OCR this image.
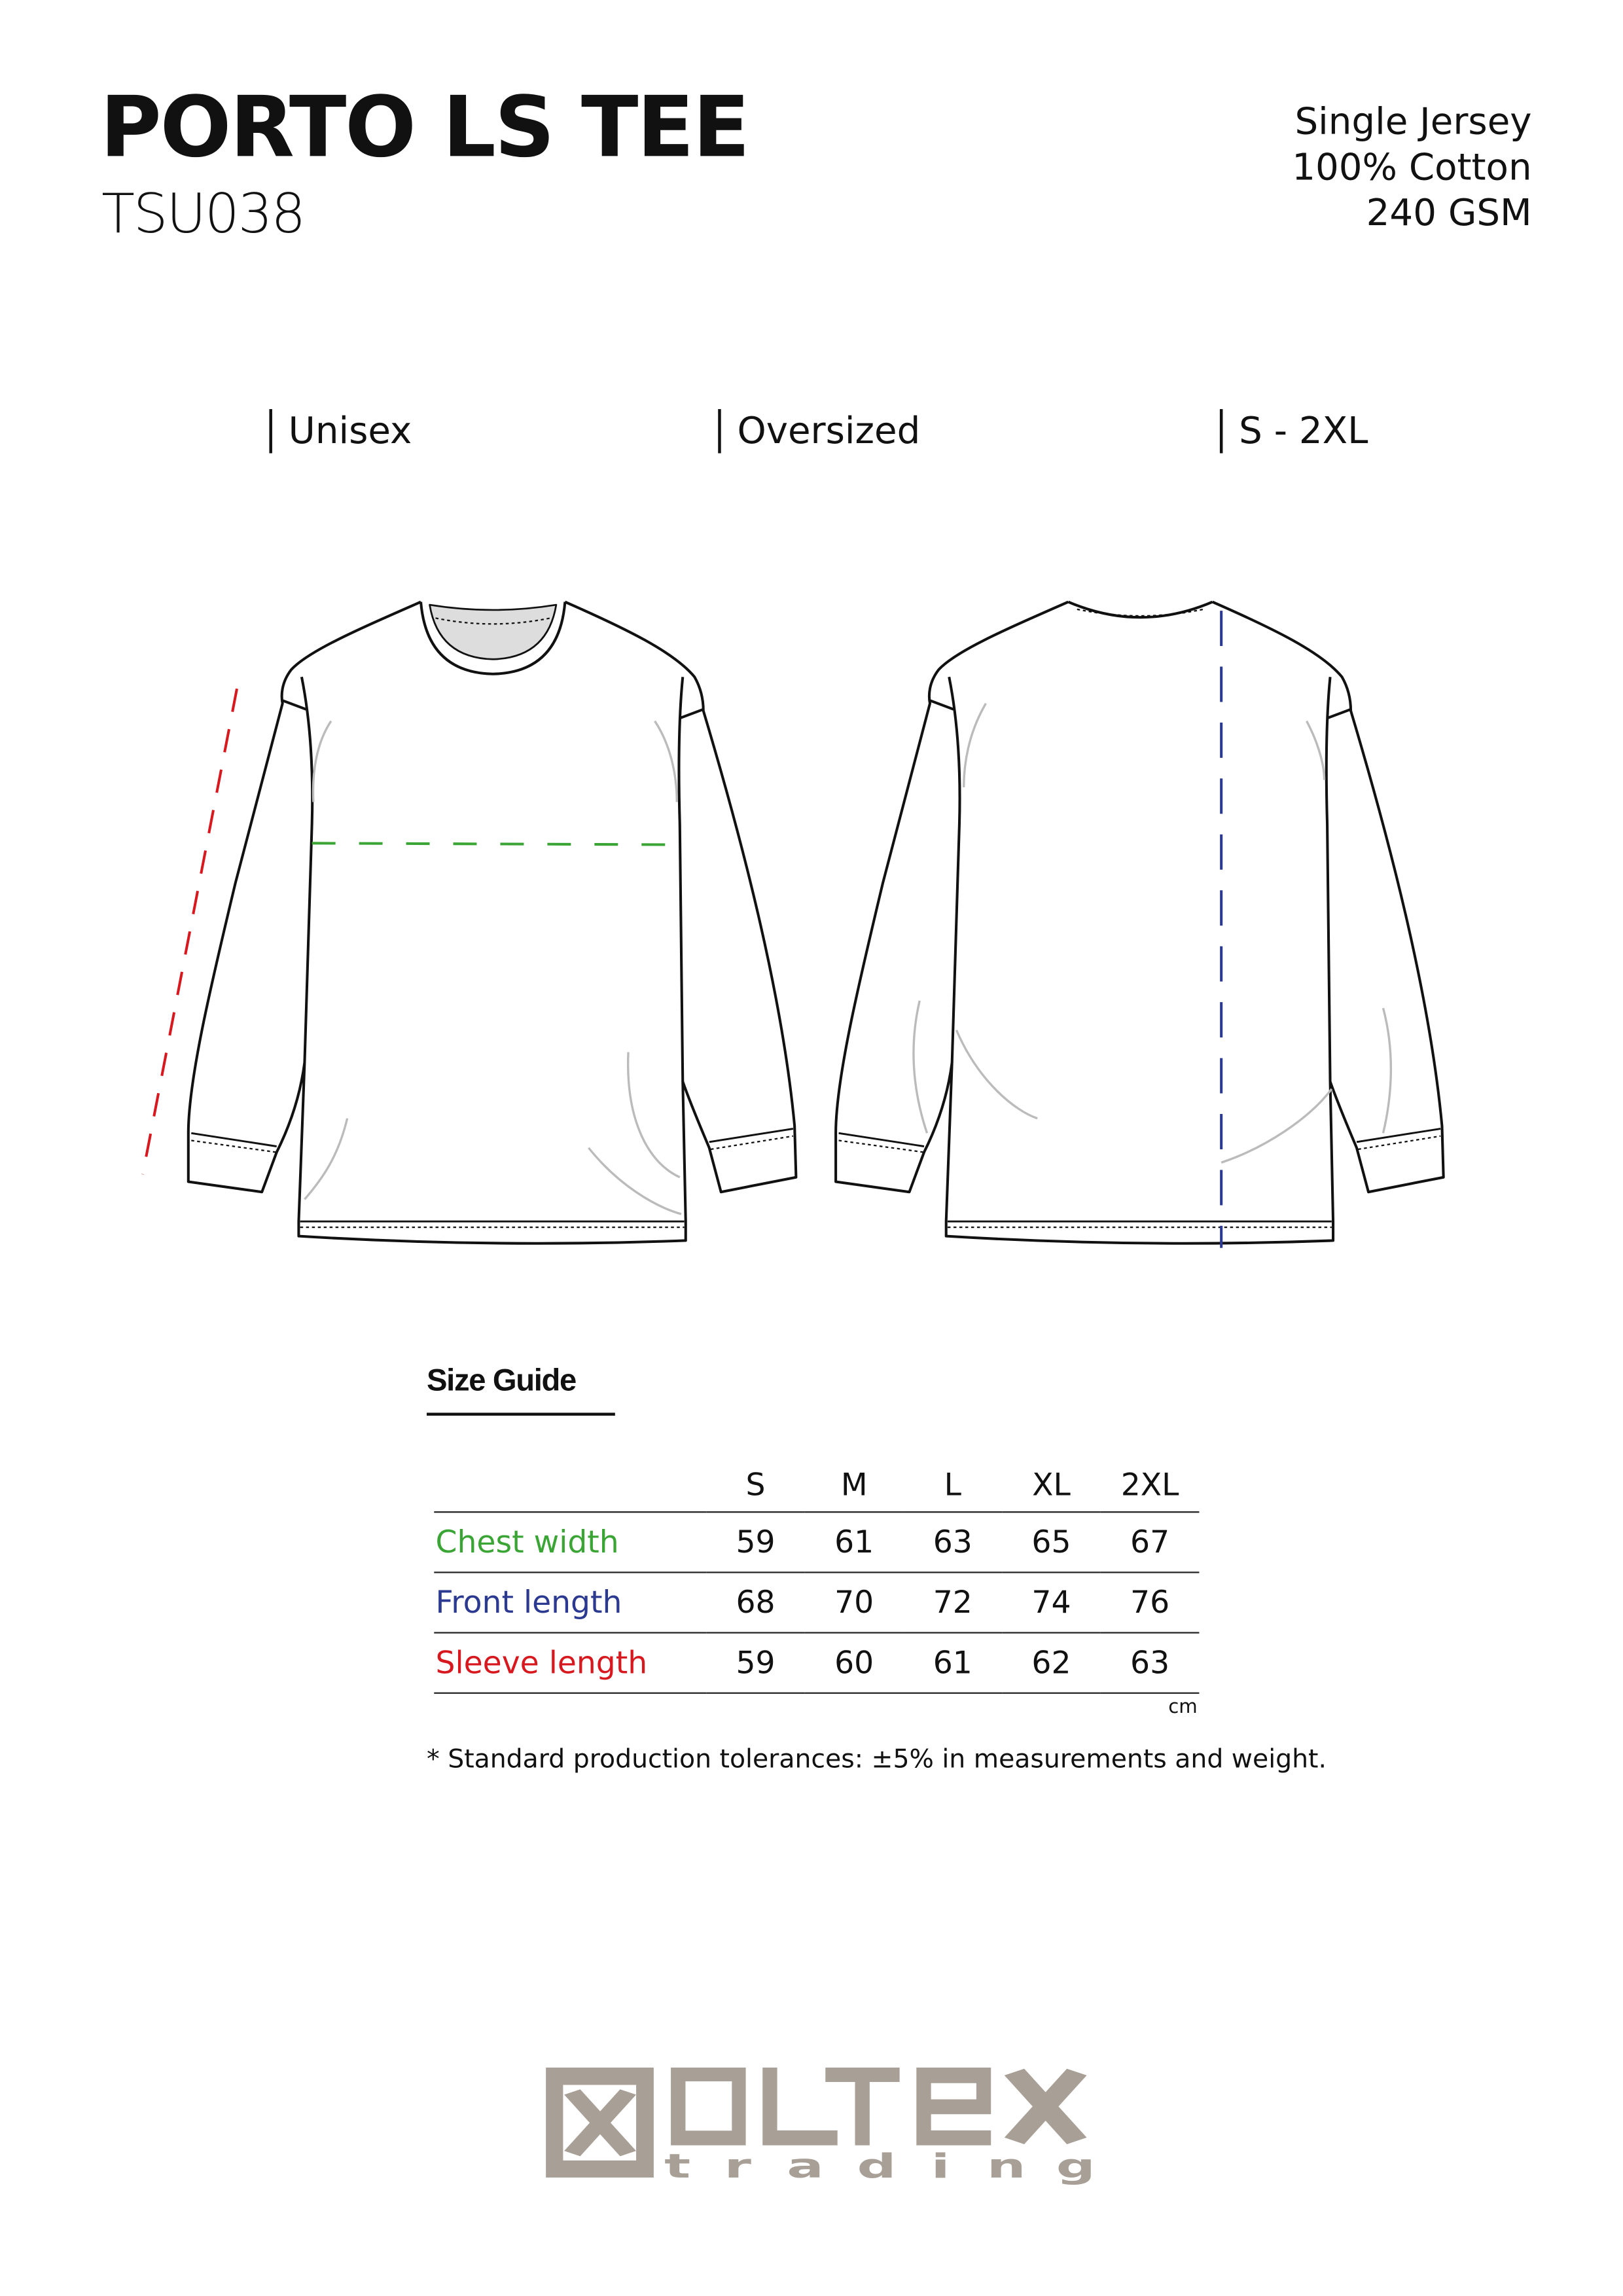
PORTO LS TEE
TSU038
Single Jersey
100% Cotton
240 GSM
Unisex	Oversized	S - 2XL
Size Guide
	S	M	L	XL	2XL
Chest width	59	61	63	65	67
Front length	68	70	72	74	76
Sleeve length	59	60	61	62	63
cm
* Standard production tolerances: ±5% in measurements and weight.
t r a d i n g
